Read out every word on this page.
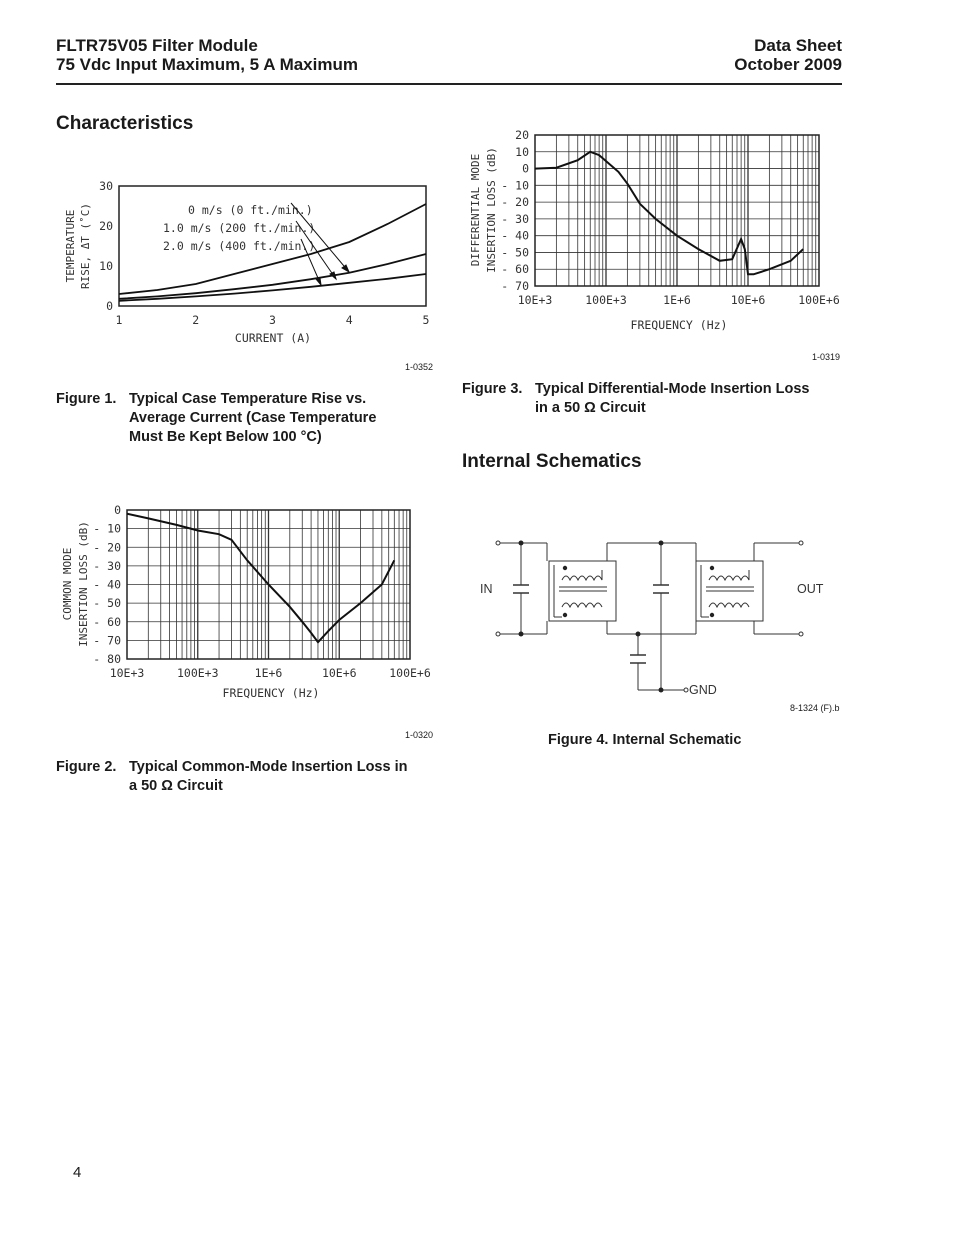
FLTR75V05 Filter Module
75 Vdc Input Maximum, 5 A Maximum
Data Sheet
October 2009
Characteristics
Internal Schematics
0
10
20
30
1	2	3	4	5
0 m/s (0 ft./min.)
1.0 m/s (200 ft./min.)
2.0 m/s (400 ft./min.)
TEMPERATURE RISE, ΔT (˚C)
CURRENT (A)
1-0352
Figure 1. Typical Case Temperature Rise vs.
Average Current (Case Temperature
Must Be Kept Below 100 °C)
0
- 10
- 20
- 30
- 40
- 50
- 60
- 70
- 80
10E+3	100E+3	1E+6	10E+6	100E+6
COMMON MODE INSERTION LOSS (dB)
FREQUENCY (Hz)
1-0320
Figure 2. Typical Common-Mode Insertion Loss in
a 50 Ω Circuit
20
10
0
- 10
- 20
- 30
- 40
- 50
- 60
- 70
10E+3	100E+3	1E+6	10E+6	100E+6
DIFFERENTIAL MODE INSERTION LOSS (dB)
FREQUENCY (Hz)
1-0319
Figure 3. Typical Differential-Mode Insertion Loss
in a 50 Ω Circuit
IN	OUT
GND
8-1324 (F).b
Figure 4. Internal Schematic
4
